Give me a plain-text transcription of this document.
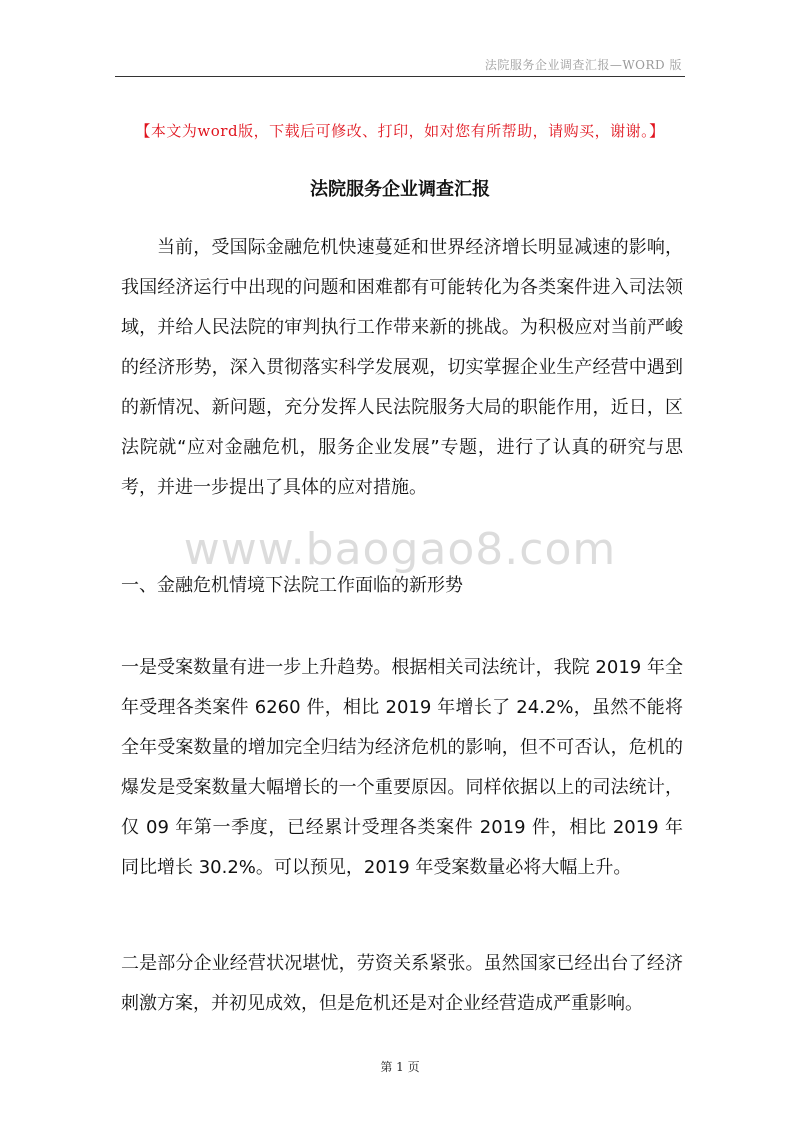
法院服务企业调查汇报—WORD 版
【本文为word版，下载后可修改、打印，如对您有所帮助，请购买，谢谢。】
法院服务企业调查汇报

当前，受国际金融危机快速蔓延和世界经济增长明显减速的影响，我国经济运行中出现的问题和困难都有可能转化为各类案件进入司法领域，并给人民法院的审判执行工作带来新的挑战。为积极应对当前严峻的经济形势，深入贯彻落实科学发展观，切实掌握企业生产经营中遇到的新情况、新问题，充分发挥人民法院服务大局的职能作用，近日，区法院就“应对金融危机，服务企业发展”专题，进行了认真的研究与思考，并进一步提出了具体的应对措施。

www.baogao8.com

一、金融危机情境下法院工作面临的新形势

一是受案数量有进一步上升趋势。根据相关司法统计，我院 2019 年全年受理各类案件 6260 件，相比 2019 年增长了 24.2%，虽然不能将全年受案数量的增加完全归结为经济危机的影响，但不可否认，危机的爆发是受案数量大幅增长的一个重要原因。同样依据以上的司法统计，仅 09 年第一季度，已经累计受理各类案件 2019 件，相比 2019 年同比增长 30.2%。可以预见，2019 年受案数量必将大幅上升。

二是部分企业经营状况堪忧，劳资关系紧张。虽然国家已经出台了经济刺激方案，并初见成效，但是危机还是对企业经营造成严重影响。

第 1 页
